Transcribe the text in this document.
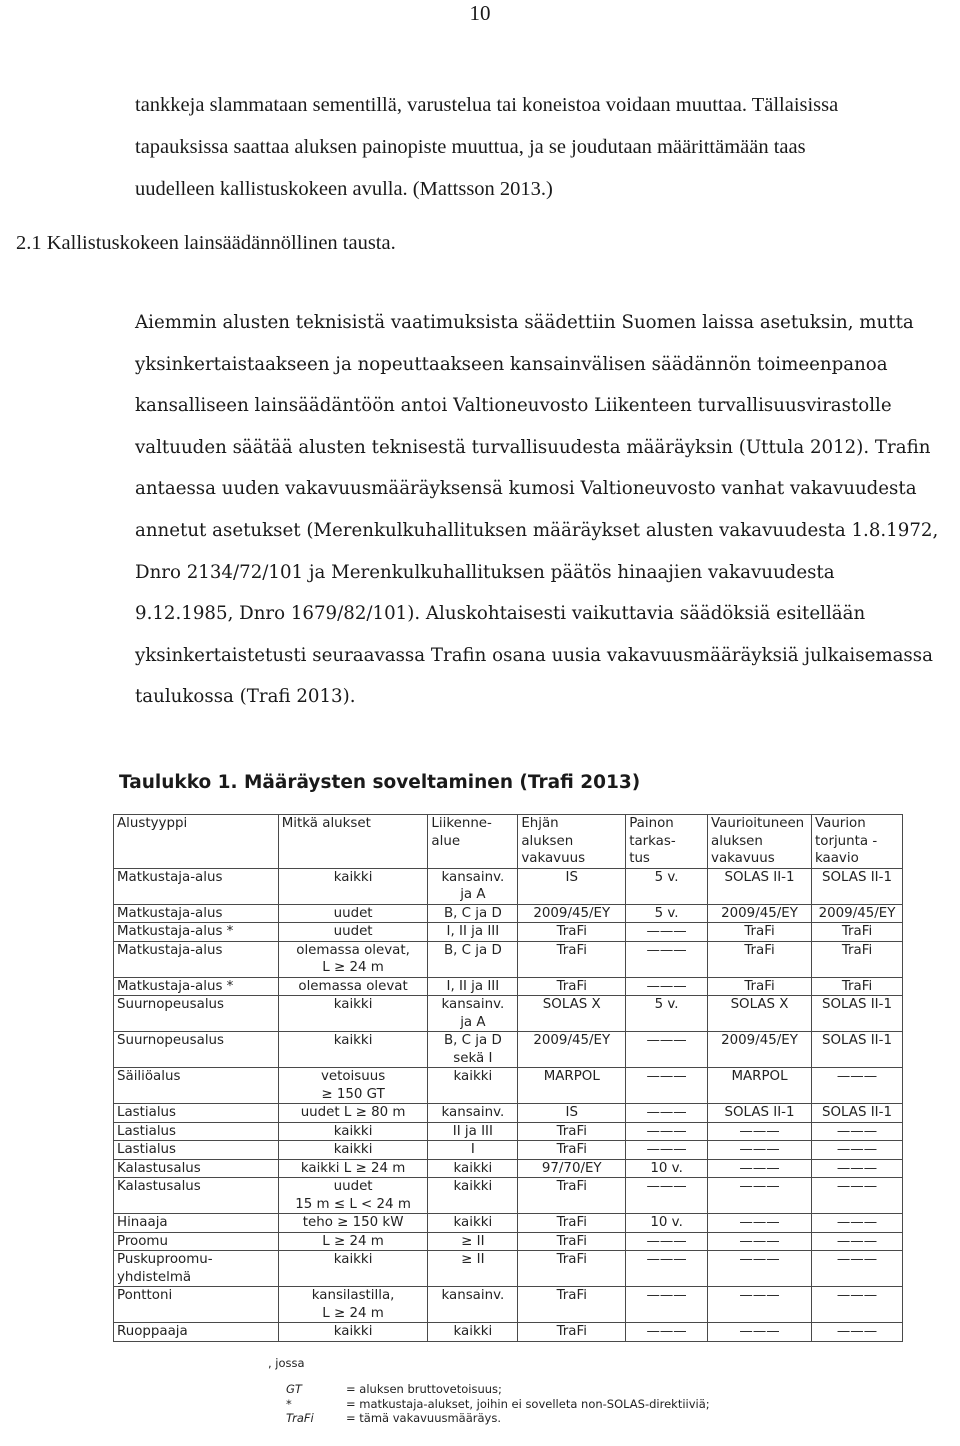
10
tankkeja slammataan sementillä, varustelua tai koneistoa voidaan muuttaa. Tällaisissa
tapauksissa saattaa aluksen painopiste muuttua, ja se joudutaan määrittämään taas
uudelleen kallistuskokeen avulla. (Mattsson 2013.)
2.1 Kallistuskokeen lainsäädännöllinen tausta.
Aiemmin alusten teknisistä vaatimuksista säädettiin Suomen laissa asetuksin, mutta
yksinkertaistaakseen ja nopeuttaakseen kansainvälisen säädännön toimeenpanoa
kansalliseen lainsäädäntöön antoi Valtioneuvosto Liikenteen turvallisuusvirastolle
valtuuden säätää alusten teknisestä turvallisuudesta määräyksin (Uttula 2012). Trafin
antaessa uuden vakavuusmääräyksensä kumosi Valtioneuvosto vanhat vakavuudesta
annetut asetukset (Merenkulkuhallituksen määräykset alusten vakavuudesta 1.8.1972,
Dnro 2134/72/101 ja Merenkulkuhallituksen päätös hinaajien vakavuudesta
9.12.1985, Dnro 1679/82/101). Aluskohtaisesti vaikuttavia säädöksiä esitellään
yksinkertaistetusti seuraavassa Trafin osana uusia vakavuusmääräyksiä julkaisemassa
taulukossa (Trafi 2013).
Taulukko 1. Määräysten soveltaminen (Trafi 2013)
Alustyyppi	Mitkä alukset	Liikenne-
alue	Ehjän
aluksen
vakavuus	Painon
tarkas-
tus	Vaurioituneen
aluksen
vakavuus	Vaurion
torjunta -
kaavio

Matkustaja-alus	kaikki	kansainv.
ja A	IS	5 v.	SOLAS II-1	SOLAS II-1

Matkustaja-alus	uudet	B, C ja D	2009/45/EY	5 v.	2009/45/EY	2009/45/EY

Matkustaja-alus *	uudet	I, II ja III	TraFi	———	TraFi	TraFi

Matkustaja-alus	olemassa olevat,
L ≥ 24 m	B, C ja D	TraFi	———	TraFi	TraFi

Matkustaja-alus *	olemassa olevat	I, II ja III	TraFi	———	TraFi	TraFi

Suurnopeusalus	kaikki	kansainv.
ja A	SOLAS X	5 v.	SOLAS X	SOLAS II-1

Suurnopeusalus	kaikki	B, C ja D
sekä I	2009/45/EY	———	2009/45/EY	SOLAS II-1

Säiliöalus	vetoisuus
≥ 150 GT	kaikki	MARPOL	———	MARPOL	———

Lastialus	uudet L ≥ 80 m	kansainv.	IS	———	SOLAS II-1	SOLAS II-1

Lastialus	kaikki	II ja III	TraFi	———	———	———

Lastialus	kaikki	I	TraFi	———	———	———

Kalastusalus	kaikki L ≥ 24 m	kaikki	97/70/EY	10 v.	———	———

Kalastusalus	uudet
15 m ≤ L < 24 m	kaikki	TraFi	———	———	———

Hinaaja	teho ≥ 150 kW	kaikki	TraFi	10 v.	———	———

Proomu	L ≥ 24 m	≥ II	TraFi	———	———	———

Puskuproomu-
yhdistelmä	kaikki	≥ II	TraFi	———	———	———

Ponttoni	kansilastilla,
L ≥ 24 m	kansainv.	TraFi	———	———	———

Ruoppaaja	kaikki	kaikki	TraFi	———	———	———
, jossa
GT	= aluksen bruttovetoisuus;
*	= matkustaja-alukset, joihin ei sovelleta non-SOLAS-direktiiviä;
TraFi	= tämä vakavuusmääräys.
